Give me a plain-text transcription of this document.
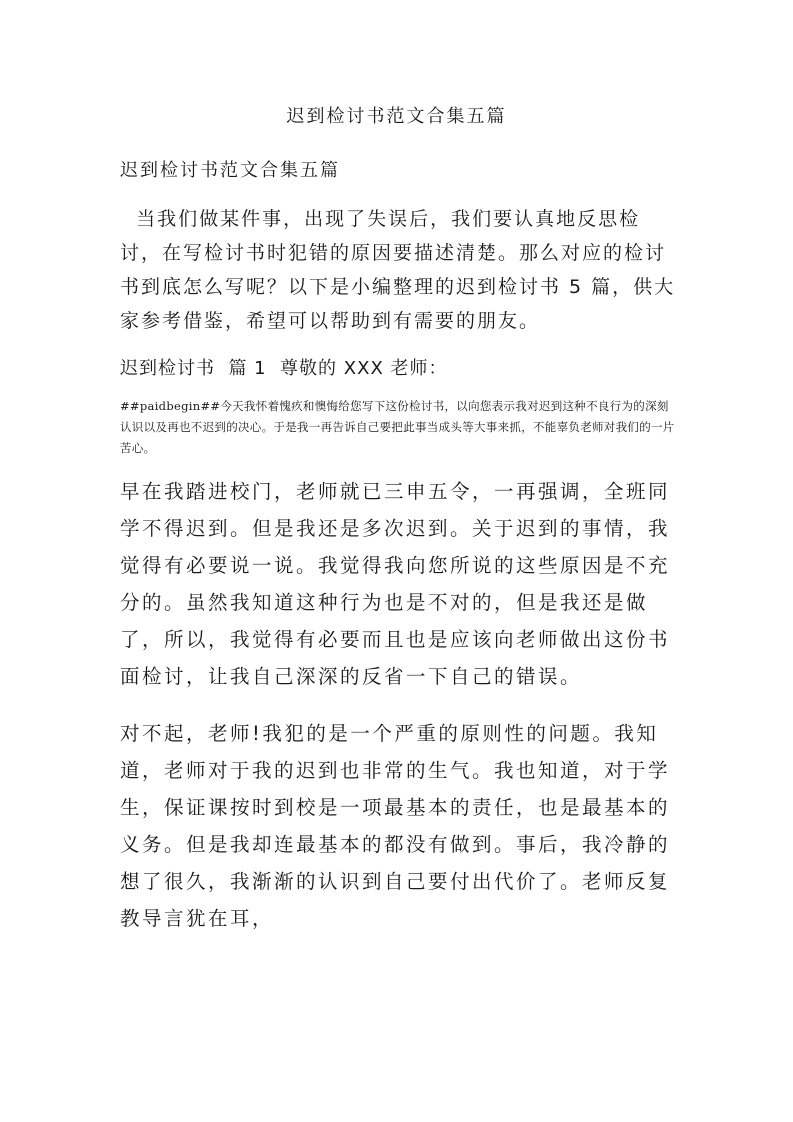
迟到检讨书范文合集五篇
迟到检讨书范文合集五篇
当我们做某件事，出现了失误后，我们要认真地反思检讨，在写检讨书时犯错的原因要描述清楚。那么对应的检讨书到底怎么写呢？以下是小编整理的迟到检讨书 5 篇，供大家参考借鉴，希望可以帮助到有需要的朋友。
迟到检讨书  篇 1  尊敬的 XXX 老师：
##paidbegin##今天我怀着愧疚和懊悔给您写下这份检讨书，以向您表示我对迟到这种不良行为的深刻认识以及再也不迟到的决心。于是我一再告诉自己要把此事当成头等大事来抓，不能辜负老师对我们的一片苦心。
早在我踏进校门，老师就已三申五令，一再强调，全班同学不得迟到。但是我还是多次迟到。关于迟到的事情，我觉得有必要说一说。我觉得我向您所说的这些原因是不充分的。虽然我知道这种行为也是不对的，但是我还是做了，所以，我觉得有必要而且也是应该向老师做出这份书面检讨，让我自己深深的反省一下自己的错误。
对不起，老师!我犯的是一个严重的原则性的问题。我知道，老师对于我的迟到也非常的生气。我也知道，对于学生，保证课按时到校是一项最基本的责任，也是最基本的义务。但是我却连最基本的都没有做到。事后，我冷静的想了很久，我渐渐的认识到自己要付出代价了。老师反复教导言犹在耳，
